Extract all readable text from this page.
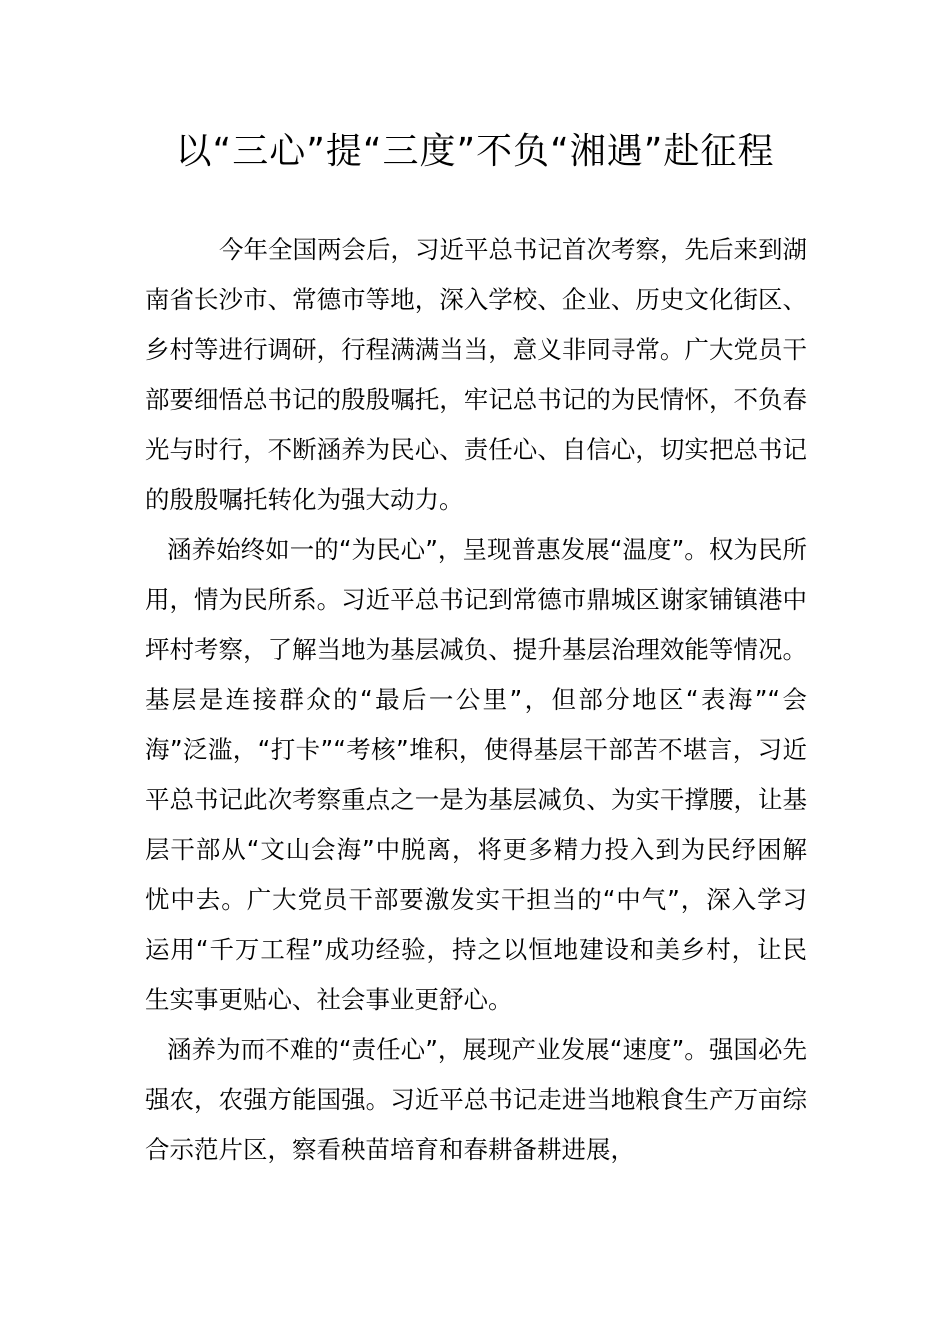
以“三心”提“三度”不负“湘遇”赴征程

今年全国两会后，习近平总书记首次考察，先后来到湖南省长沙市、常德市等地，深入学校、企业、历史文化街区、乡村等进行调研，行程满满当当，意义非同寻常。广大党员干部要细悟总书记的殷殷嘱托，牢记总书记的为民情怀，不负春光与时行，不断涵养为民心、责任心、自信心，切实把总书记的殷殷嘱托转化为强大动力。

涵养始终如一的“为民心”，呈现普惠发展“温度”。权为民所用，情为民所系。习近平总书记到常德市鼎城区谢家铺镇港中坪村考察，了解当地为基层减负、提升基层治理效能等情况。基层是连接群众的“最后一公里”，但部分地区“表海”“会海”泛滥，“打卡”“考核”堆积，使得基层干部苦不堪言，习近平总书记此次考察重点之一是为基层减负、为实干撑腰，让基层干部从“文山会海”中脱离，将更多精力投入到为民纾困解忧中去。广大党员干部要激发实干担当的“中气”，深入学习运用“千万工程”成功经验，持之以恒地建设和美乡村，让民生实事更贴心、社会事业更舒心。

涵养为而不难的“责任心”，展现产业发展“速度”。强国必先强农，农强方能国强。习近平总书记走进当地粮食生产万亩综合示范片区，察看秧苗培育和春耕备耕进展，
